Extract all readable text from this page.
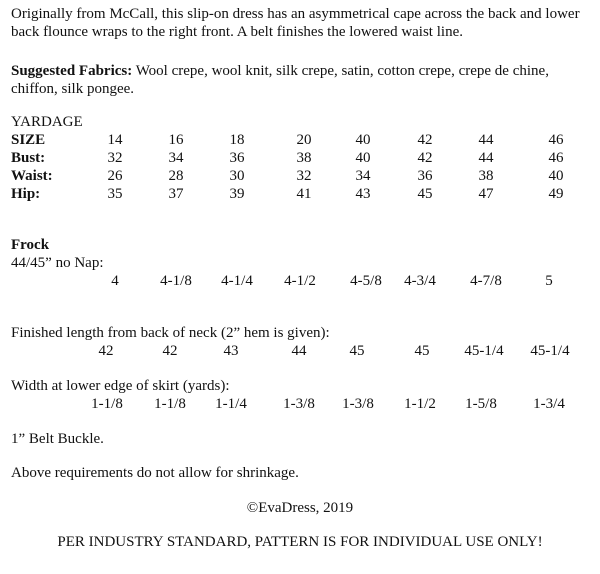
Originally from McCall, this slip-on dress has an asymmetrical cape across the back and lower back flounce wraps to the right front. A belt finishes the lowered waist line.
Suggested Fabrics: Wool crepe, wool knit, silk crepe, satin, cotton crepe, crepe de chine, chiffon, silk pongee.
YARDAGE
SIZE	14	16	18	20	40	42	44	46
Bust:	32	34	36	38	40	42	44	46
Waist:	26	28	30	32	34	36	38	40
Hip:	35	37	39	41	43	45	47	49
Frock
44/45” no Nap:
4	4-1/8	4-1/4	4-1/2	4-5/8	4-3/4	4-7/8	5
Finished length from back of neck (2” hem is given):
42	42	43	44	45	45	45-1/4	45-1/4
Width at lower edge of skirt (yards):
1-1/8	1-1/8	1-1/4	1-3/8	1-3/8	1-1/2	1-5/8	1-3/4
1” Belt Buckle.
Above requirements do not allow for shrinkage.
©EvaDress, 2019
PER INDUSTRY STANDARD, PATTERN IS FOR INDIVIDUAL USE ONLY!
